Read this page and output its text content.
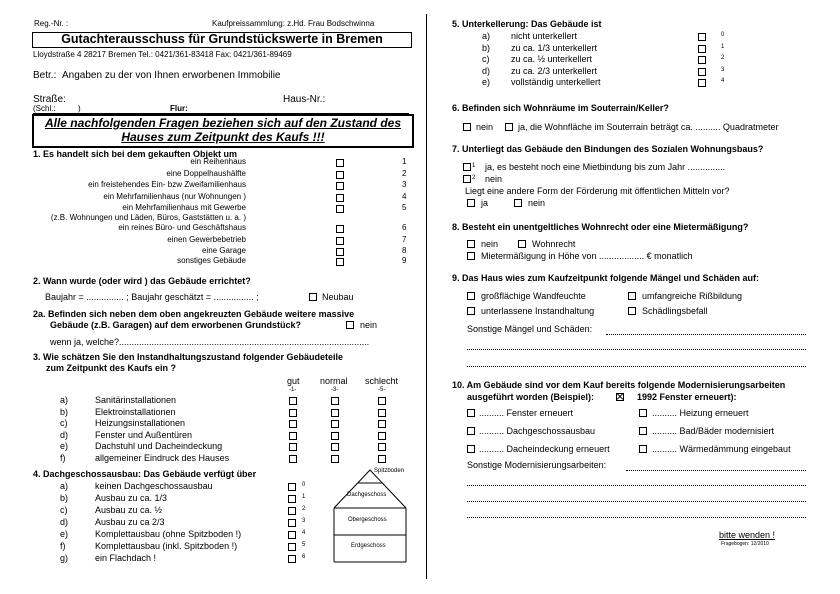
Reg.-Nr. :	Kaufpreissammlung: z.Hd. Frau Bodschwinna
Gutachterausschuss für Grundstückswerte in Bremen
Lloydstraße 4 28217 Bremen Tel.: 0421/361-83418 Fax: 0421/361-89469
Betr.: Angaben zu der von Ihnen erworbenen Immobilie
Straße:	Haus-Nr.:
(Schl.:	)	Flur:
Alle nachfolgenden Fragen beziehen sich auf den Zustand des
Hauses zum Zeitpunkt des Kaufs !!!
1. Es handelt sich bei dem gekauften Objekt um
ein Reihenhaus	1
eine Doppelhaushälfte	2
ein freistehendes Ein- bzw Zweifamilienhaus	3
ein Mehrfamilienhaus (nur Wohnungen )	4
ein Mehrfamilienhaus mit Gewerbe	5
(z.B. Wohnungen und Läden, Büros, Gaststätten u. a. )
ein reines Büro- und Geschäftshaus	6
einen Gewerbebetrieb	7
eine Garage	8
sonstiges Gebäude	9
2. Wann wurde (oder wird ) das Gebäude errichtet?
Baujahr = ............... ; Baujahr geschätzt = ................ ;	Neubau
2a. Befinden sich neben dem oben angekreuzten Gebäude weitere massive
Gebäude (z.B. Garagen) auf dem erworbenen Grundstück?	nein
wenn ja, welche?....................................................................................................
3. Wie schätzen Sie den Instandhaltungszustand folgender Gebäudeteile
zum Zeitpunkt des Kaufs ein ?
gut normal schlecht
-1-	-3-	-5-
a)	Sanitärinstallationen
b)	Elektroinstallationen
c)	Heizungsinstallationen
d)	Fenster und Außentüren
e)	Dachstuhl und Dacheindeckung
f)	allgemeiner Eindruck des Hauses
4. Dachgeschossausbau: Das Gebäude verfügt über
a)	keinen Dachgeschossausbau	0
b)	Ausbau zu ca. 1/3	1
c)	Ausbau zu ca. ½	2
d)	Ausbau zu ca 2/3	3
e)	Komplettausbau (ohne Spitzboden !)	4
f)	Komplettausbau (inkl. Spitzboden !)	5
g)	ein Flachdach !	6
Spitzboden
Dachgeschoss
Obergeschoss
Erdgeschoss
5. Unterkellerung: Das Gebäude ist
a) nicht unterkellert	0
b) zu ca. 1/3 unterkellert	1
c) zu ca. ½ unterkellert	2
d) zu ca. 2/3 unterkellert	3
e) vollständig unterkellert	4
6. Befinden sich Wohnräume im Souterrain/Keller?
nein	ja, die Wohnfläche im Souterrain beträgt ca. .......... Quadratmeter
7. Unterliegt das Gebäude den Bindungen des Sozialen Wohnungsbaus?
1 ja, es besteht noch eine Mietbindung bis zum Jahr ...............
2 nein
Liegt eine andere Form der Förderung mit öffentlichen Mitteln vor?
ja	nein
8. Besteht ein unentgeltliches Wohnrecht oder eine Mietermäßigung?
nein	Wohnrecht
Mietermäßigung in Höhe von .................. € monatlich
9. Das Haus wies zum Kaufzeitpunkt folgende Mängel und Schäden auf:
großflächige Wandfeuchte	umfangreiche Rißbildung
unterlassene Instandhaltung	Schädlingsbefall
Sonstige Mängel und Schäden:
10. Am Gebäude sind vor dem Kauf bereits folgende Modernisierungsarbeiten
ausgeführt worden (Beispiel):	1992 Fenster erneuert):
.......... Fenster erneuert	.......... Heizung erneuert
.......... Dachgeschossausbau	.......... Bad/Bäder modernisiert
.......... Dacheindeckung erneuert	.......... Wärmedämmung eingebaut
Sonstige Modernisierungsarbeiten:
bitte wenden !
Fragebogen: 12/2010
